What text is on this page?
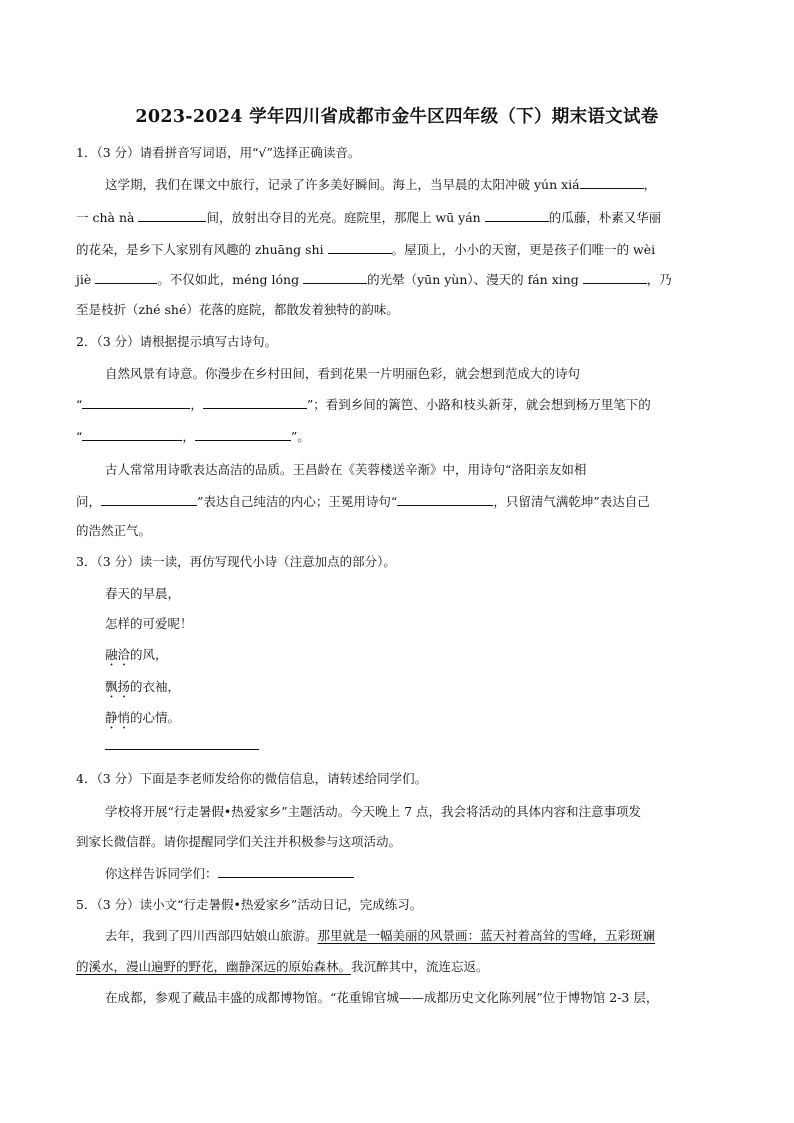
2023-2024 学年四川省成都市金牛区四年级（下）期末语文试卷
1．（3 分）请看拼音写词语，用“√”选择正确读音。
这学期，我们在课文中旅行，记录了许多美好瞬间。海上，当早晨的太阳冲破 yún xiá	，
一 chà nà	间，放射出夺目的光亮。庭院里，那爬上 wū yán	的瓜藤，朴素又华丽
的花朵，是乡下人家别有风趣的 zhuāng shi	。屋顶上，小小的天窗，更是孩子们唯一的 wèi
jiè	。不仅如此，méng lóng	的光晕（yūn yùn）、漫天的 fán xing	，乃
至是枝折（zhé shé）花落的庭院，都散发着独特的韵味。
2．（3 分）请根据提示填写古诗句。
自然风景有诗意。你漫步在乡村田间，看到花果一片明丽色彩，就会想到范成大的诗句
“	，	”；看到乡间的篱笆、小路和枝头新芽，就会想到杨万里笔下的
“	，	”。
古人常常用诗歌表达高洁的品质。王昌龄在《芙蓉楼送辛渐》中，用诗句“洛阳亲友如相
问，	”表达自己纯洁的内心；王冕用诗句“	，只留清气满乾坤”表达自己
的浩然正气。
3．（3 分）读一读，再仿写现代小诗（注意加点的部分）。
春天的早晨，
怎样的可爱呢！
融洽的风，
飘扬的衣袖，
静悄的心情。
4．（3 分）下面是李老师发给你的微信信息，请转述给同学们。
学校将开展“行走暑假•热爱家乡”主题活动。今天晚上 7 点，我会将活动的具体内容和注意事项发
到家长微信群。请你提醒同学们关注并积极参与这项活动。
你这样告诉同学们：
5．（3 分）读小文“行走暑假•热爱家乡”活动日记，完成练习。
去年，我到了四川西部四姑娘山旅游。那里就是一幅美丽的风景画：蓝天衬着高耸的雪峰，五彩斑斓
的溪水，漫山遍野的野花，幽静深远的原始森林。我沉醉其中，流连忘返。
在成都，参观了藏品丰盛的成都博物馆。“花重锦官城——成都历史文化陈列展”位于博物馆 2-3 层，
